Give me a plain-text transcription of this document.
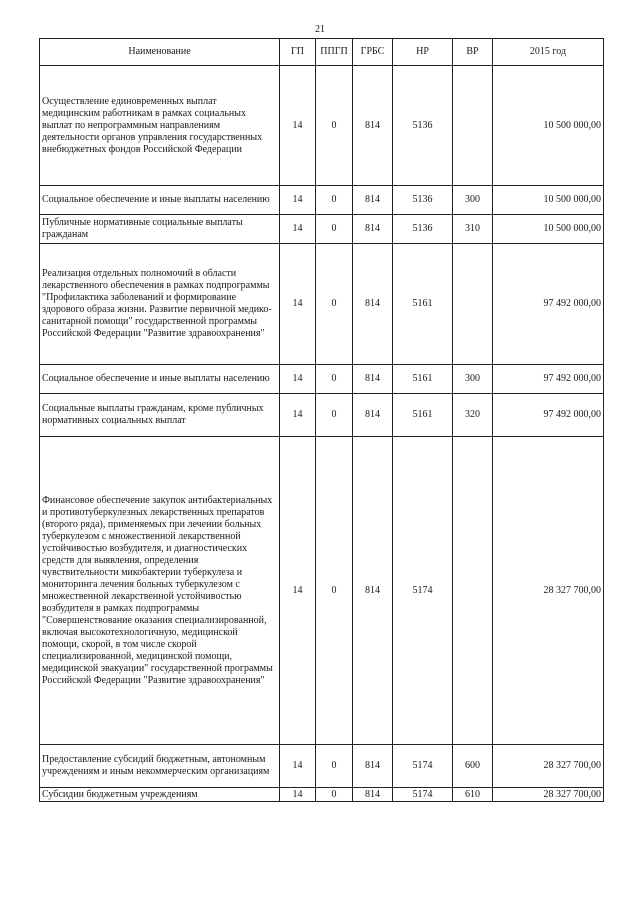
21
Наименование	ГП	ППГП	ГРБС	НР	ВР	2015 год
Осуществление единовременных выплат медицинским работникам в рамках социальных выплат по непрограммным направлениям деятельности органов управления государственных внебюджетных фондов Российской Федерации	14	0	814	5136		10 500 000,00
Социальное обеспечение и иные выплаты населению	14	0	814	5136	300	10 500 000,00
Публичные нормативные социальные выплаты гражданам	14	0	814	5136	310	10 500 000,00
Реализация отдельных полномочий в области лекарственного обеспечения в рамках подпрограммы "Профилактика заболеваний и формирование здорового образа жизни. Развитие первичной медико-санитарной помощи" государственной программы Российской Федерации "Развитие здравоохранения"	14	0	814	5161		97 492 000,00
Социальное обеспечение и иные выплаты населению	14	0	814	5161	300	97 492 000,00
Социальные выплаты гражданам, кроме публичных нормативных социальных выплат	14	0	814	5161	320	97 492 000,00
Финансовое обеспечение закупок антибактериальных и противотуберкулезных лекарственных препаратов (второго ряда), применяемых при лечении больных туберкулезом с множественной лекарственной устойчивостью возбудителя, и диагностических средств для выявления, определения чувствительности микобактерии туберкулеза и мониторинга лечения больных туберкулезом с множественной лекарственной устойчивостью возбудителя в рамках подпрограммы "Совершенствование оказания специализированной, включая высокотехнологичную, медицинской помощи, скорой, в том числе скорой специализированной, медицинской помощи, медицинской эвакуации" государственной программы Российской Федерации "Развитие здравоохранения"	14	0	814	5174		28 327 700,00
Предоставление субсидий бюджетным, автономным учреждениям и иным некоммерческим организациям	14	0	814	5174	600	28 327 700,00
Субсидии бюджетным учреждениям	14	0	814	5174	610	28 327 700,00
